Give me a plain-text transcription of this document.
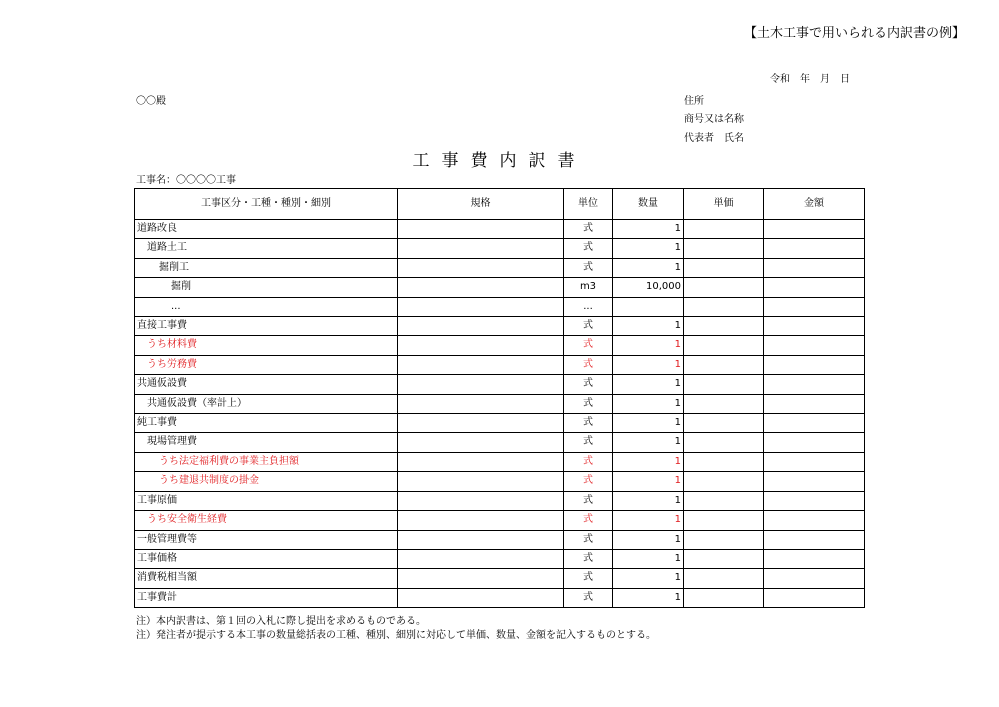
【土木工事で用いられる内訳書の例】
令和　年　月　日
〇〇殿	住所
商号又は名称
代表者　氏名
工事費内訳書
工事名：〇〇〇〇工事
工事区分・工種・種別・細別	規格	単位	数量	単価	金額
道路改良		式	1		
道路土工		式	1		
掘削工		式	1		
掘削		m3	10,000		
...		...			
直接工事費		式	1		
うち材料費		式	1		
うち労務費		式	1		
共通仮設費		式	1		
共通仮設費（率計上）		式	1		
純工事費		式	1		
現場管理費		式	1		
うち法定福利費の事業主負担額		式	1		
うち建退共制度の掛金		式	1		
工事原価		式	1		
うち安全衛生経費		式	1		
一般管理費等		式	1		
工事価格		式	1		
消費税相当額		式	1		
工事費計		式	1		
注）本内訳書は、第１回の入札に際し提出を求めるものである。
注）発注者が提示する本工事の数量総括表の工種、種別、細別に対応して単価、数量、金額を記入するものとする。
